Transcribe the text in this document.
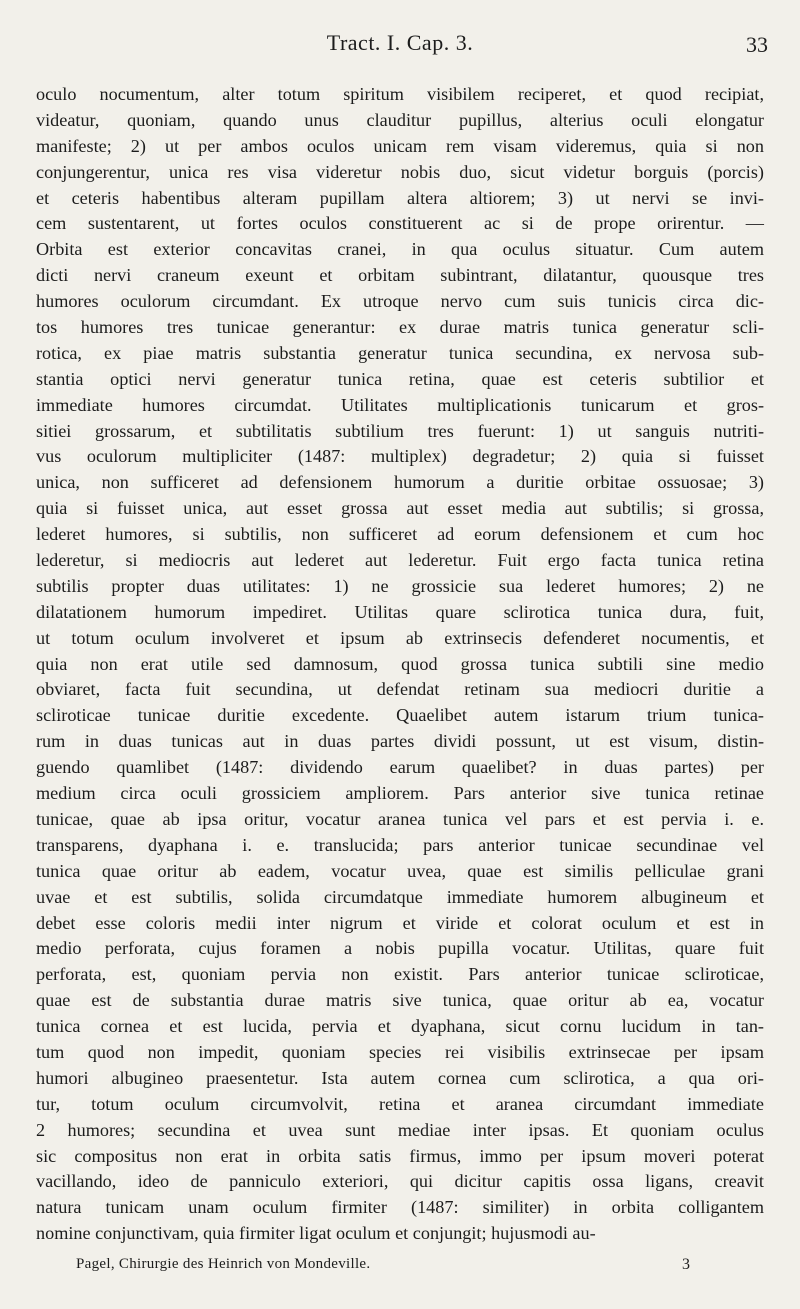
Tract. I. Cap. 3.	33
oculo nocumentum, alter totum spiritum visibilem reciperet, et quod recipiat,
videatur, quoniam, quando unus clauditur pupillus, alterius oculi elongatur
manifeste; 2) ut per ambos oculos unicam rem visam videremus, quia si non
conjungerentur, unica res visa videretur nobis duo, sicut videtur borguis (porcis)
et ceteris habentibus alteram pupillam altera altiorem; 3) ut nervi se invi-
cem sustentarent, ut fortes oculos constituerent ac si de prope orirentur. —
Orbita est exterior concavitas cranei, in qua oculus situatur. Cum autem
dicti nervi craneum exeunt et orbitam subintrant, dilatantur, quousque tres
humores oculorum circumdant. Ex utroque nervo cum suis tunicis circa dic-
tos humores tres tunicae generantur: ex durae matris tunica generatur scli-
rotica, ex piae matris substantia generatur tunica secundina, ex nervosa sub-
stantia optici nervi generatur tunica retina, quae est ceteris subtilior et
immediate humores circumdat. Utilitates multiplicationis tunicarum et gros-
sitiei grossarum, et subtilitatis subtilium tres fuerunt: 1) ut sanguis nutriti-
vus oculorum multipliciter (1487: multiplex) degradetur; 2) quia si fuisset
unica, non sufficeret ad defensionem humorum a duritie orbitae ossuosae; 3)
quia si fuisset unica, aut esset grossa aut esset media aut subtilis; si grossa,
lederet humores, si subtilis, non sufficeret ad eorum defensionem et cum hoc
lederetur, si mediocris aut lederet aut lederetur. Fuit ergo facta tunica retina
subtilis propter duas utilitates: 1) ne grossicie sua lederet humores; 2) ne
dilatationem humorum impediret. Utilitas quare sclirotica tunica dura, fuit,
ut totum oculum involveret et ipsum ab extrinsecis defenderet nocumentis, et
quia non erat utile sed damnosum, quod grossa tunica subtili sine medio
obviaret, facta fuit secundina, ut defendat retinam sua mediocri duritie a
scliroticae tunicae duritie excedente. Quaelibet autem istarum trium tunica-
rum in duas tunicas aut in duas partes dividi possunt, ut est visum, distin-
guendo quamlibet (1487: dividendo earum quaelibet? in duas partes) per
medium circa oculi grossiciem ampliorem. Pars anterior sive tunica retinae
tunicae, quae ab ipsa oritur, vocatur aranea tunica vel pars et est pervia i. e.
transparens, dyaphana i. e. translucida; pars anterior tunicae secundinae vel
tunica quae oritur ab eadem, vocatur uvea, quae est similis pelliculae grani
uvae et est subtilis, solida circumdatque immediate humorem albugineum et
debet esse coloris medii inter nigrum et viride et colorat oculum et est in
medio perforata, cujus foramen a nobis pupilla vocatur. Utilitas, quare fuit
perforata, est, quoniam pervia non existit. Pars anterior tunicae scliroticae,
quae est de substantia durae matris sive tunica, quae oritur ab ea, vocatur
tunica cornea et est lucida, pervia et dyaphana, sicut cornu lucidum in tan-
tum quod non impedit, quoniam species rei visibilis extrinsecae per ipsam
humori albugineo praesentetur. Ista autem cornea cum sclirotica, a qua ori-
tur, totum oculum circumvolvit, retina et aranea circumdant immediate
2 humores; secundina et uvea sunt mediae inter ipsas. Et quoniam oculus
sic compositus non erat in orbita satis firmus, immo per ipsum moveri poterat
vacillando, ideo de panniculo exteriori, qui dicitur capitis ossa ligans, creavit
natura tunicam unam oculum firmiter (1487: similiter) in orbita colligantem
nomine conjunctivam, quia firmiter ligat oculum et conjungit; hujusmodi au-
Pagel, Chirurgie des Heinrich von Mondeville.	3
